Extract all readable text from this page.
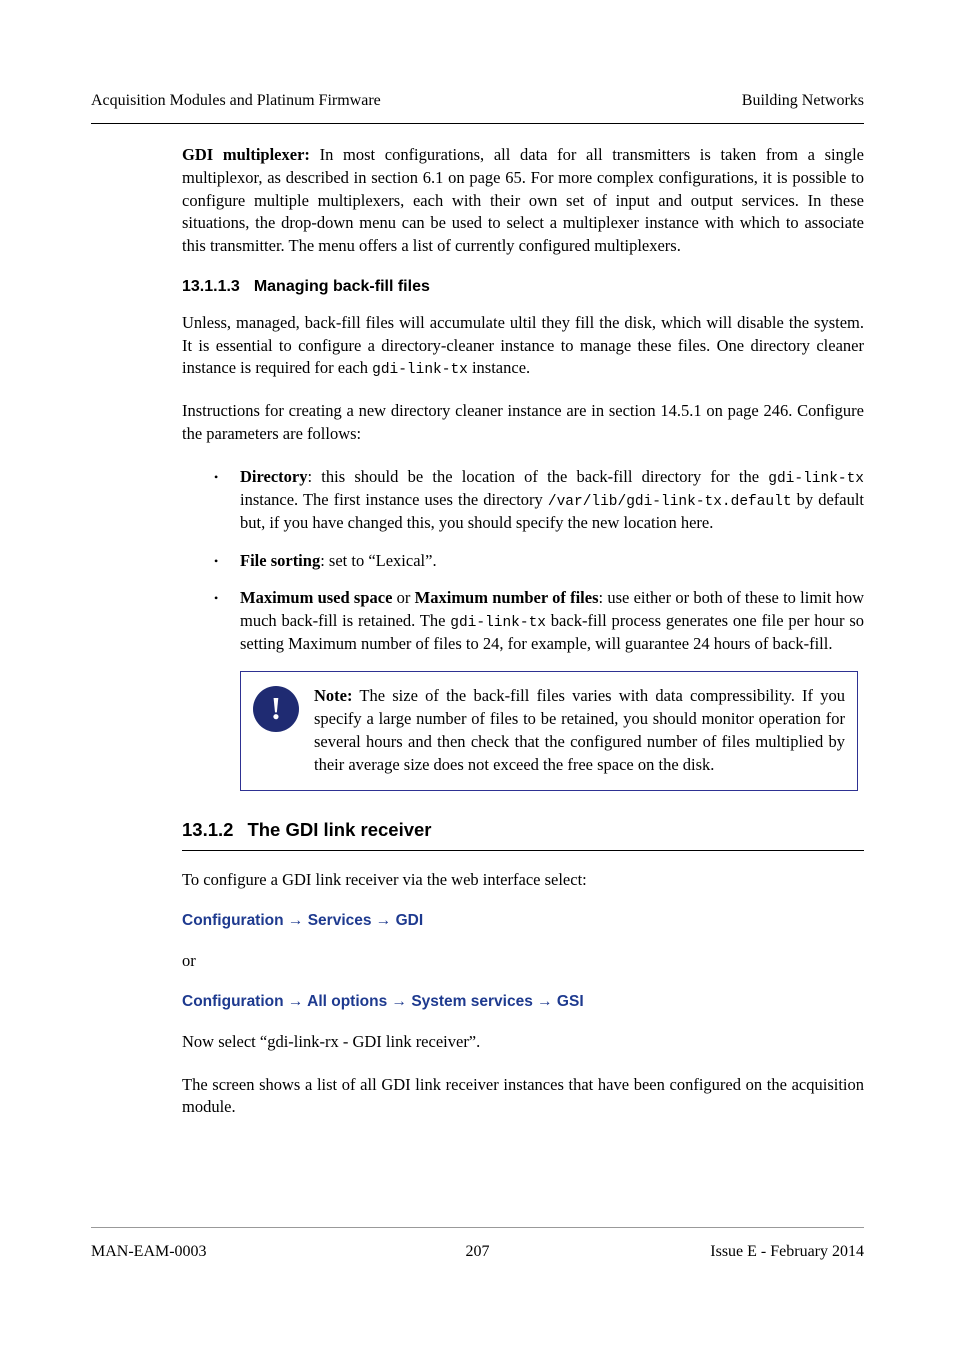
Acquisition Modules and Platinum Firmware	Building Networks

GDI multiplexer: In most configurations, all data for all transmitters is taken from a single multiplexor, as described in section 6.1 on page 65. For more complex configurations, it is possible to configure multiple multiplexers, each with their own set of input and output services. In these situations, the drop-down menu can be used to select a multiplexer instance with which to associate this transmitter. The menu offers a list of currently configured multiplexers.

13.1.1.3 Managing back-fill files

Unless, managed, back-fill files will accumulate ultil they fill the disk, which will disable the system. It is essential to configure a directory-cleaner instance to manage these files. One directory cleaner instance is required for each gdi-link-tx instance.

Instructions for creating a new directory cleaner instance are in section 14.5.1 on page 246. Configure the parameters are follows:

•	Directory: this should be the location of the back-fill directory for the gdi-link-tx instance. The first instance uses the directory /var/lib/gdi-link-tx.default by default but, if you have changed this, you should specify the new location here.
•	File sorting: set to “Lexical”.
•	Maximum used space or Maximum number of files: use either or both of these to limit how much back-fill is retained. The gdi-link-tx back-fill process generates one file per hour so setting Maximum number of files to 24, for example, will guarantee 24 hours of back-fill.
! Note: The size of the back-fill files varies with data compressibility. If you specify a large number of files to be retained, you should monitor operation for several hours and then check that the configured number of files multiplied by their average size does not exceed the free space on the disk.
13.1.2 The GDI link receiver

To configure a GDI link receiver via the web interface select:

Configuration → Services → GDI

or

Configuration → All options → System services → GSI

Now select “gdi-link-rx - GDI link receiver”.

The screen shows a list of all GDI link receiver instances that have been configured on the acquisition module.

MAN-EAM-0003	207	Issue E - February 2014
